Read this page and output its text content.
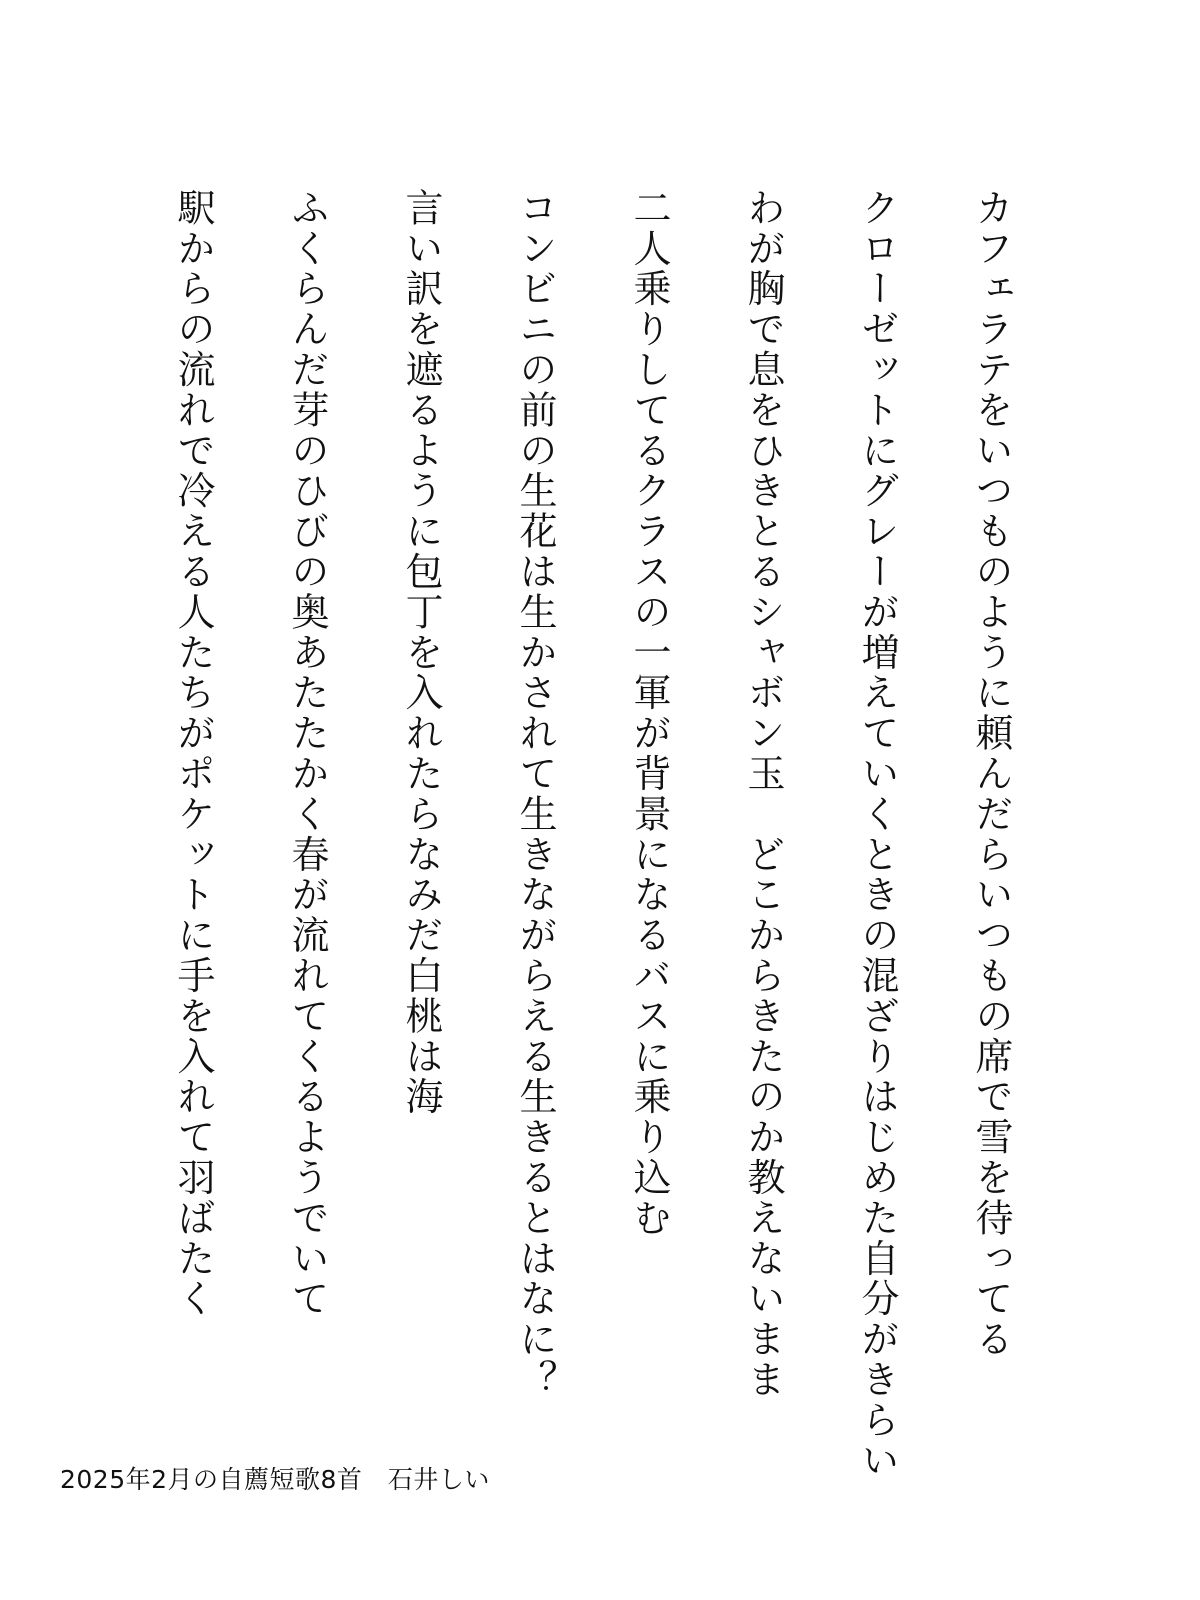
カフェラテをいつものように頼んだらいつもの席で雪を待ってる
クローゼットにグレーが増えていくときの混ざりはじめた自分がきらい
わが胸で息をひきとるシャボン玉　どこからきたのか教えないまま
二人乗りしてるクラスの一軍が背景になるバスに乗り込む
コンビニの前の生花は生かされて生きながらえる生きるとはなに？
言い訳を遮るように包丁を入れたらなみだ白桃は海
ふくらんだ芽のひびの奥あたたかく春が流れてくるようでいて
駅からの流れで冷える人たちがポケットに手を入れて羽ばたく
2025年2月の自薦短歌8首　石井しい
